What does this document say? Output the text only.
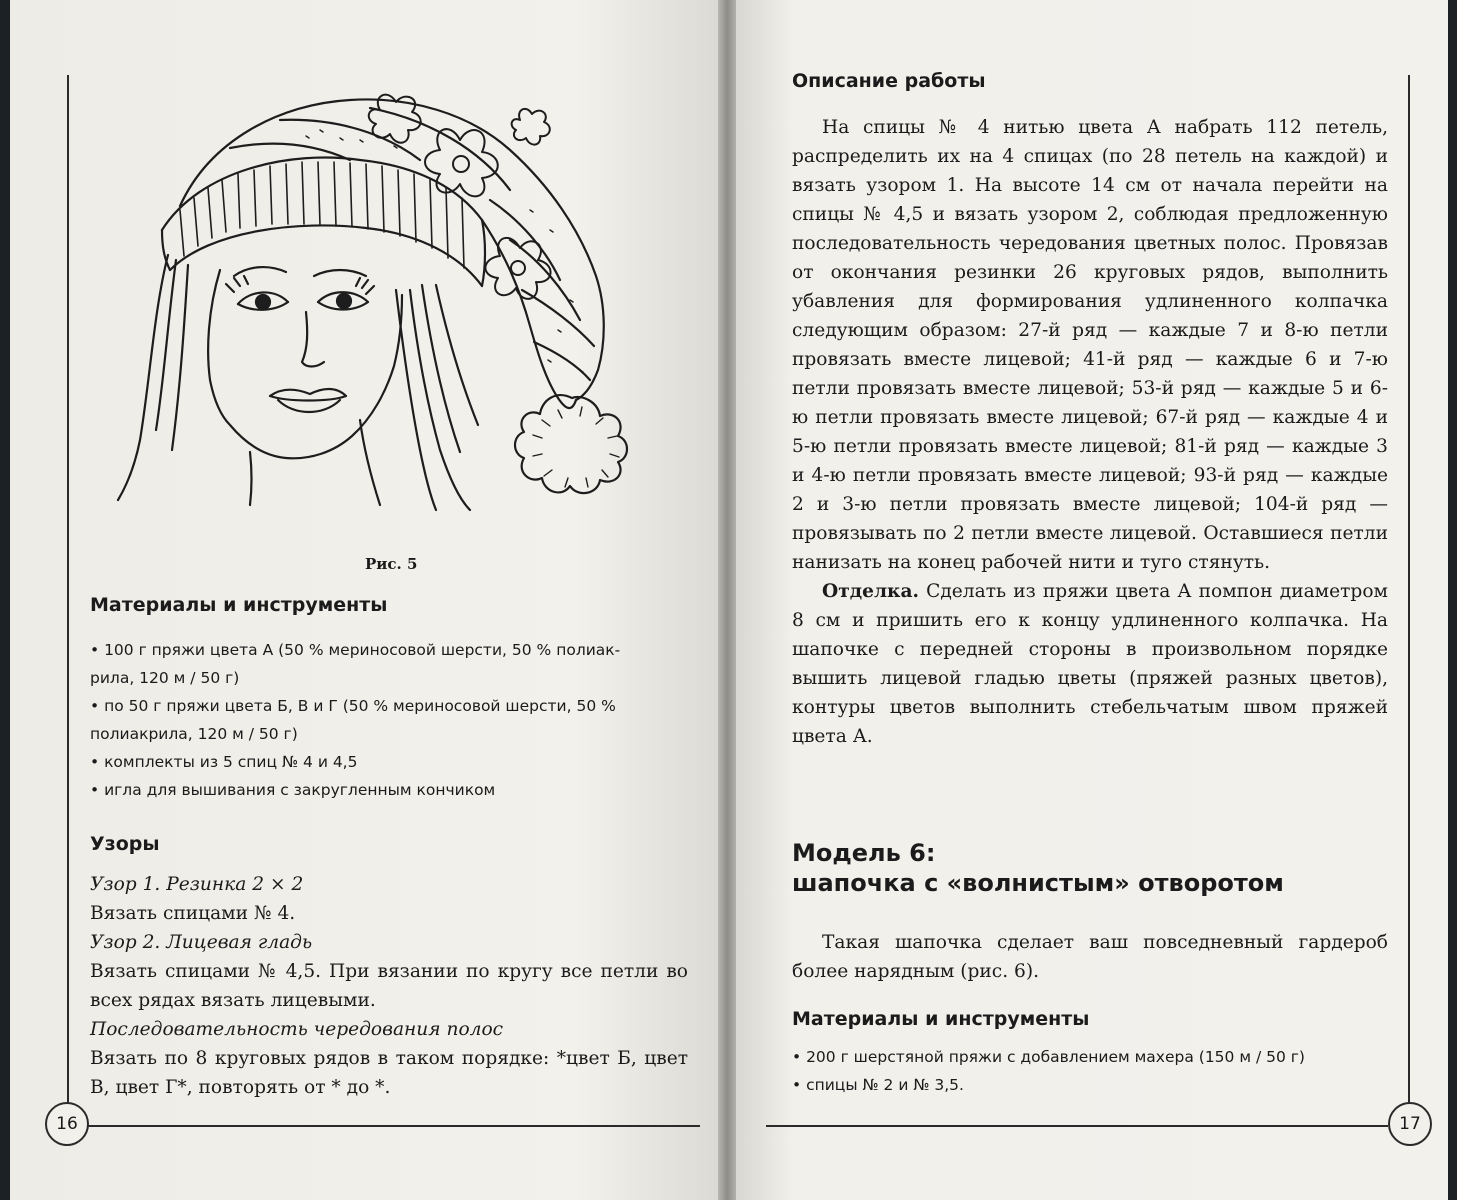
16
Рис. 5
Материалы и инструменты
• 100 г пряжи цвета А (50 % мериносовой шерсти, 50 % полиак-
рила, 120 м / 50 г)
• по 50 г пряжи цвета Б, В и Г (50 % мериносовой шерсти, 50 %
полиакрила, 120 м / 50 г)
• комплекты из 5 спиц № 4 и 4,5
• игла для вышивания с закругленным кончиком
Узоры

Узор 1. Резинка 2 × 2

Вязать спицами № 4.

Узор 2. Лицевая гладь

Вязать спицами № 4,5. При вязании по кругу все петли во всех рядах вязать лицевыми.

Последовательность чередования полос

Вязать по 8 круговых рядов в таком порядке: *цвет Б, цвет В, цвет Г*, повторять от * до *.

17
Описание работы

На спицы № 4 нитью цвета А набрать 112 петель, распределить их на 4 спицах (по 28 петель на каждой) и вязать узором 1. На высоте 14 см от начала перейти на спицы № 4,5 и вязать узором 2, соблюдая предложенную последовательность чередования цветных полос. Провязав от окончания резинки 26 круговых рядов, выполнить убавления для формирования удлиненного колпачка следующим образом: 27-й ряд — каждые 7 и 8-ю петли провязать вместе лицевой; 41-й ряд — каждые 6 и 7-ю петли провязать вместе лицевой; 53-й ряд — каждые 5 и 6-ю петли провязать вместе лицевой; 67-й ряд — каждые 4 и 5-ю петли провязать вместе лицевой; 81-й ряд — каждые 3 и 4-ю петли провязать вместе лицевой; 93-й ряд — каждые 2 и 3-ю петли провязать вместе лицевой; 104-й ряд — провязывать по 2 петли вместе лицевой. Оставшиеся петли нанизать на конец рабочей нити и туго стянуть.

Отделка. Сделать из пряжи цвета А помпон диаметром 8 см и пришить его к концу удлиненного колпачка. На шапочке с передней стороны в произвольном порядке вышить лицевой гладью цветы (пряжей разных цветов), контуры цветов выполнить стебельчатым швом пряжей цвета А.

Модель 6:
шапочка с «волнистым» отворотом

Такая шапочка сделает ваш повседневный гардероб более нарядным (рис. 6).

Материалы и инструменты
• 200 г шерстяной пряжи с добавлением махера (150 м / 50 г)
• спицы № 2 и № 3,5.
